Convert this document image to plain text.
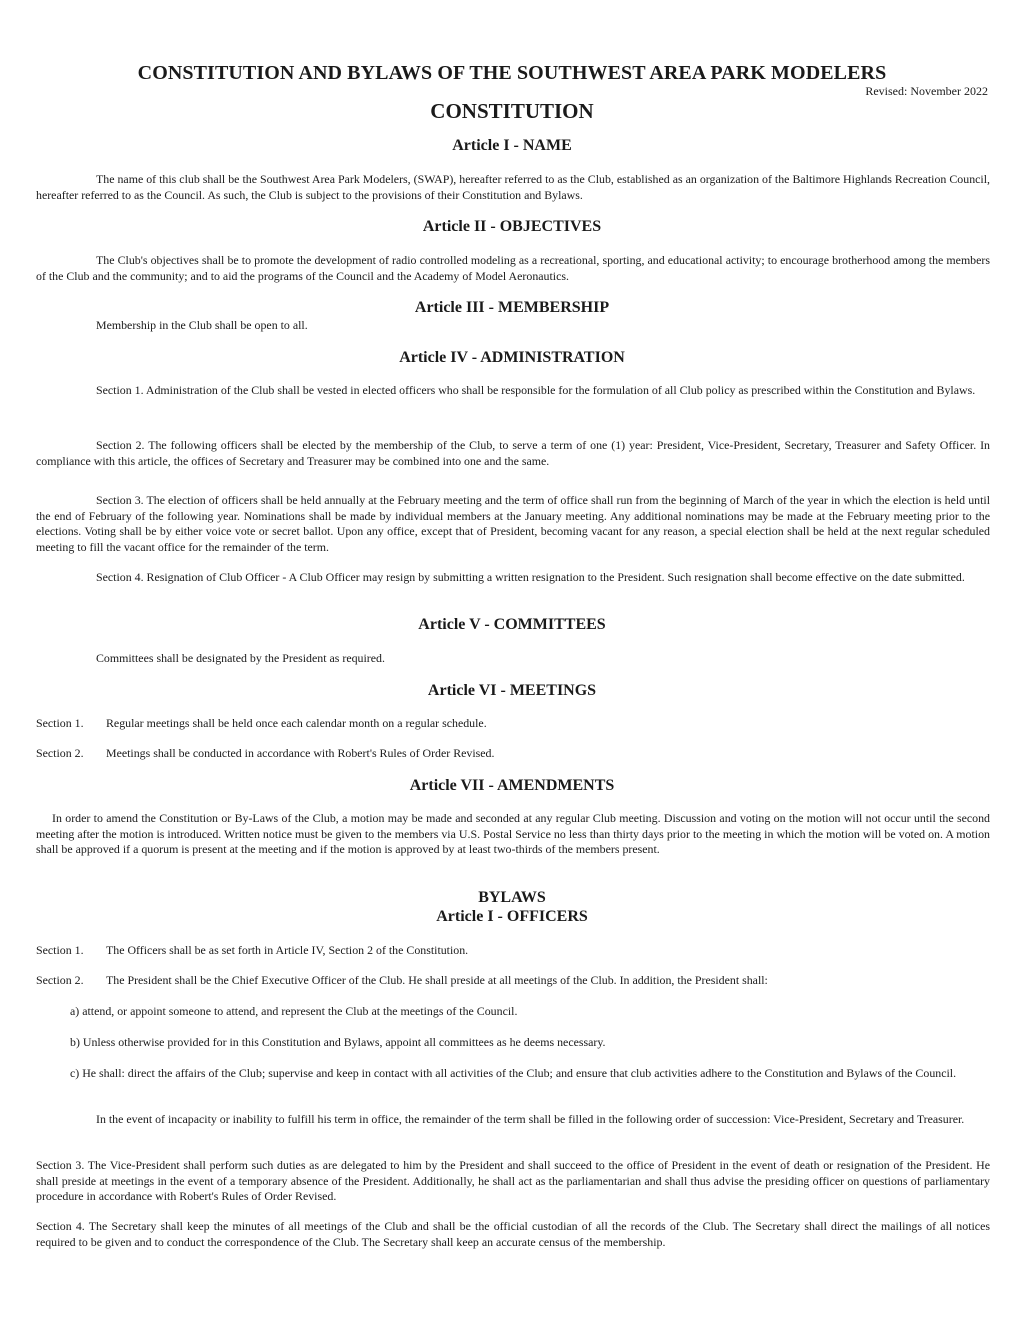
CONSTITUTION AND BYLAWS OF THE SOUTHWEST AREA PARK MODELERS
Revised: November 2022
CONSTITUTION
Article I - NAME
The name of this club shall be the Southwest Area Park Modelers, (SWAP), hereafter referred to as the Club, established as an organization of the Baltimore Highlands Recreation Council, hereafter referred to as the Council. As such, the Club is subject to the provisions of their Constitution and Bylaws.
Article II - OBJECTIVES
The Club's objectives shall be to promote the development of radio controlled modeling as a recreational, sporting, and educational activity; to encourage brotherhood among the members of the Club and the community; and to aid the programs of the Council and the Academy of Model Aeronautics.
Article III - MEMBERSHIP
Membership in the Club shall be open to all.
Article IV - ADMINISTRATION
Section 1. Administration of the Club shall be vested in elected officers who shall be responsible for the formulation of all Club policy as prescribed within the Constitution and Bylaws.
Section 2. The following officers shall be elected by the membership of the Club, to serve a term of one (1) year: President, Vice-President, Secretary, Treasurer and Safety Officer. In compliance with this article, the offices of Secretary and Treasurer may be combined into one and the same.
Section 3. The election of officers shall be held annually at the February meeting and the term of office shall run from the beginning of March of the year in which the election is held until the end of February of the following year. Nominations shall be made by individual members at the January meeting. Any additional nominations may be made at the February meeting prior to the elections. Voting shall be by either voice vote or secret ballot. Upon any office, except that of President, becoming vacant for any reason, a special election shall be held at the next regular scheduled meeting to fill the vacant office for the remainder of the term.
Section 4. Resignation of Club Officer - A Club Officer may resign by submitting a written resignation to the President. Such resignation shall become effective on the date submitted.
Article V - COMMITTEES
Committees shall be designated by the President as required.
Article VI - MEETINGS
Section 1. Regular meetings shall be held once each calendar month on a regular schedule.
Section 2. Meetings shall be conducted in accordance with Robert's Rules of Order Revised.
Article VII - AMENDMENTS
In order to amend the Constitution or By-Laws of the Club, a motion may be made and seconded at any regular Club meeting. Discussion and voting on the motion will not occur until the second meeting after the motion is introduced. Written notice must be given to the members via U.S. Postal Service no less than thirty days prior to the meeting in which the motion will be voted on. A motion shall be approved if a quorum is present at the meeting and if the motion is approved by at least two-thirds of the members present.
BYLAWS
Article I - OFFICERS
Section 1. The Officers shall be as set forth in Article IV, Section 2 of the Constitution.
Section 2. The President shall be the Chief Executive Officer of the Club. He shall preside at all meetings of the Club. In addition, the President shall:
a) attend, or appoint someone to attend, and represent the Club at the meetings of the Council.
b) Unless otherwise provided for in this Constitution and Bylaws, appoint all committees as he deems necessary.
c) He shall: direct the affairs of the Club; supervise and keep in contact with all activities of the Club; and ensure that club activities adhere to the Constitution and Bylaws of the Council.
In the event of incapacity or inability to fulfill his term in office, the remainder of the term shall be filled in the following order of succession: Vice-President, Secretary and Treasurer.
Section 3. The Vice-President shall perform such duties as are delegated to him by the President and shall succeed to the office of President in the event of death or resignation of the President. He shall preside at meetings in the event of a temporary absence of the President. Additionally, he shall act as the parliamentarian and shall thus advise the presiding officer on questions of parliamentary procedure in accordance with Robert's Rules of Order Revised.
Section 4. The Secretary shall keep the minutes of all meetings of the Club and shall be the official custodian of all the records of the Club. The Secretary shall direct the mailings of all notices required to be given and to conduct the correspondence of the Club. The Secretary shall keep an accurate census of the membership.
